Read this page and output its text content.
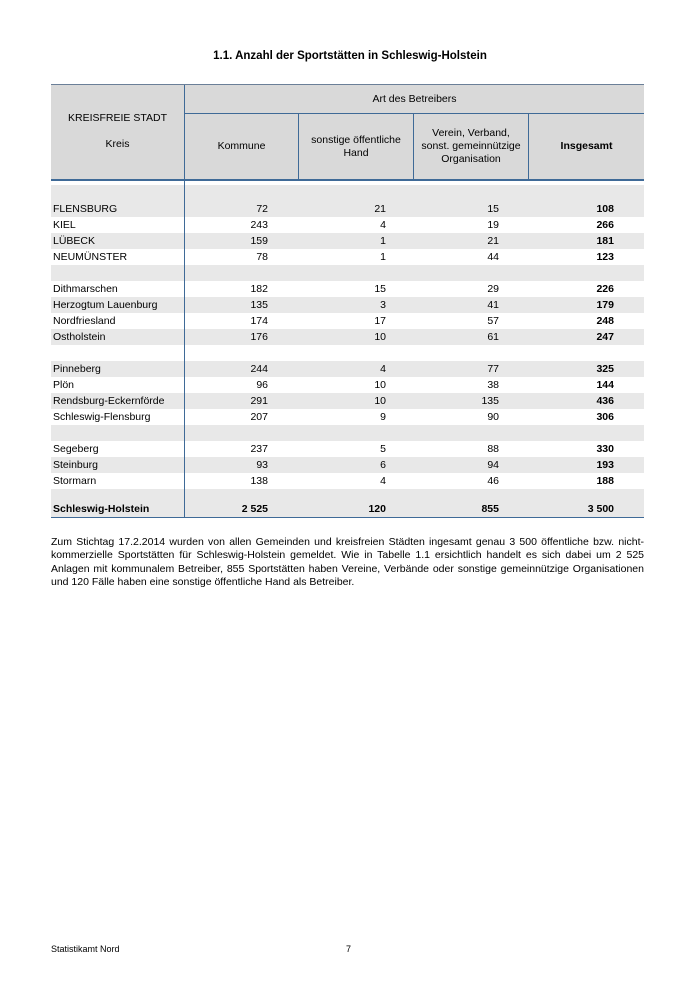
1.1. Anzahl der Sportstätten in Schleswig-Holstein
KREISFREIE STADT
Kreis
Art des Betreibers
Kommune
sonstige öffentliche Hand
Verein, Verband, sonst. gemeinnützige Organisation
Insgesamt
FLENSBURG	72	21	15	108
KIEL	243	4	19	266
LÜBECK	159	1	21	181
NEUMÜNSTER	78	1	44	123
Dithmarschen	182	15	29	226
Herzogtum Lauenburg	135	3	41	179
Nordfriesland	174	17	57	248
Ostholstein	176	10	61	247
Pinneberg	244	4	77	325
Plön	96	10	38	144
Rendsburg-Eckernförde	291	10	135	436
Schleswig-Flensburg	207	9	90	306
Segeberg	237	5	88	330
Steinburg	93	6	94	193
Stormarn	138	4	46	188
Schleswig-Holstein	2 525	120	855	3 500
Zum Stichtag 17.2.2014 wurden von allen Gemeinden und kreisfreien Städten ingesamt genau 3 500 öffentliche bzw. nicht-kommerzielle Sportstätten für Schleswig-Holstein gemeldet. Wie in Tabelle 1.1 ersichtlich handelt es sich dabei um 2 525 Anlagen mit kommunalem Betreiber, 855 Sportstätten haben Vereine, Verbände oder sonstige gemeinnützige Organisationen und 120 Fälle haben eine sonstige öffentliche Hand als Betreiber.
Statistikamt Nord	7
